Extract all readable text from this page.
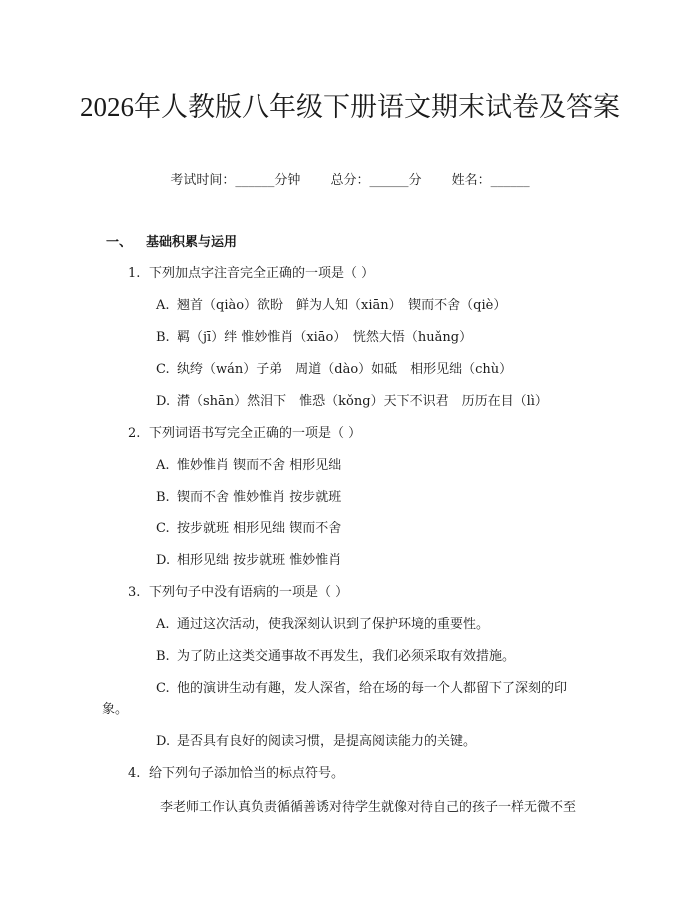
2026年人教版八年级下册语文期末试卷及答案
考试时间：______分钟 总分：______分 姓名：______
一、 基础积累与运用
1. 下列加点字注音完全正确的一项是（ ）
A. 翘首（qiào）欲盼　鲜为人知（xiān）　锲而不舍（qiè）
B. 羁（jī）绊 惟妙惟肖（xiāo）　恍然大悟（huǎng）
C. 纨绔（wán）子弟　周道（dào）如砥　相形见绌（chù）
D. 潸（shān）然泪下　惟恐（kǒng）天下不识君　历历在目（lì）
2. 下列词语书写完全正确的一项是（ ）
A. 惟妙惟肖 锲而不舍 相形见绌
B. 锲而不舍 惟妙惟肖 按步就班
C. 按步就班 相形见绌 锲而不舍
D. 相形见绌 按步就班 惟妙惟肖
3. 下列句子中没有语病的一项是（ ）
A. 通过这次活动，使我深刻认识到了保护环境的重要性。
B. 为了防止这类交通事故不再发生，我们必须采取有效措施。
C. 他的演讲生动有趣，发人深省，给在场的每一个人都留下了深刻的印
象。
D. 是否具有良好的阅读习惯，是提高阅读能力的关键。
4. 给下列句子添加恰当的标点符号。
李老师工作认真负责循循善诱对待学生就像对待自己的孩子一样无微不至
